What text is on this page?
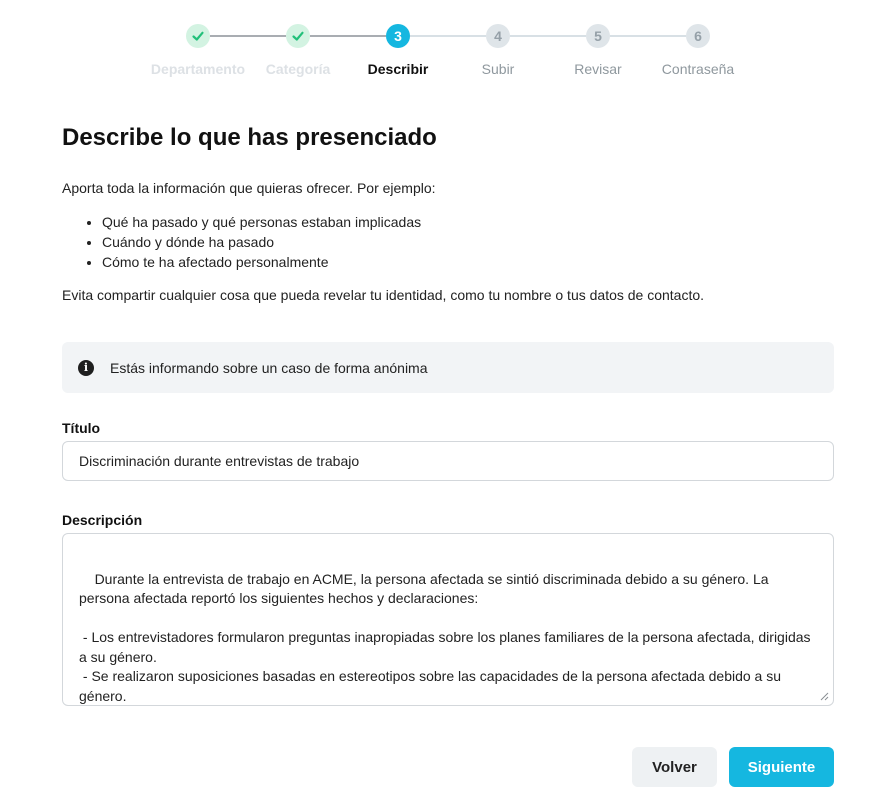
Departamento	Categoría
3
Describir
4
Subir
5
Revisar
6
Contraseña
Describe lo que has presenciado
Aporta toda la información que quieras ofrecer. Por ejemplo:
• Qué ha pasado y qué personas estaban implicadas
• Cuándo y dónde ha pasado
• Cómo te ha afectado personalmente
Evita compartir cualquier cosa que pueda revelar tu identidad, como tu nombre o tus datos de contacto.
i	Estás informando sobre un caso de forma anónima
Título
Discriminación durante entrevistas de trabajo
Descripción

Durante la entrevista de trabajo en ACME, la persona afectada se sintió discriminada debido a su género. La persona afectada reportó los siguientes hechos y declaraciones:

- Los entrevistadores formularon preguntas inapropiadas sobre los planes familiares de la persona afectada, dirigidas a su género.
- Se realizaron suposiciones basadas en estereotipos sobre las capacidades de la persona afectada debido a su género.

Volver	Siguiente
